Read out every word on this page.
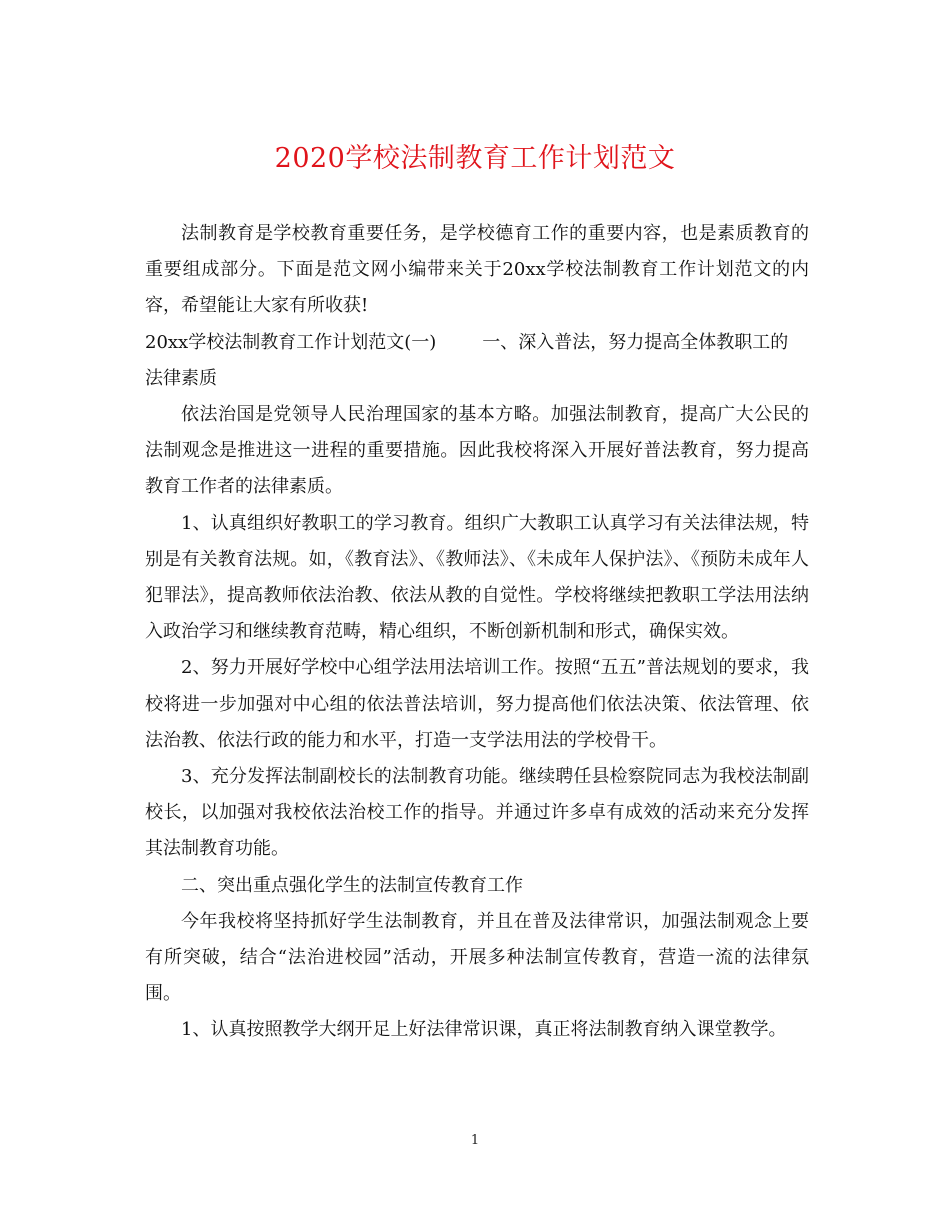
2020学校法制教育工作计划范文

法制教育是学校教育重要任务，是学校德育工作的重要内容，也是素质教育的重要组成部分。下面是范文网小编带来关于20xx学校法制教育工作计划范文的内容，希望能让大家有所收获!

20xx学校法制教育工作计划范文(一)	一、深入普法，努力提高全体教职工的

法律素质

依法治国是党领导人民治理国家的基本方略。加强法制教育，提高广大公民的法制观念是推进这一进程的重要措施。因此我校将深入开展好普法教育，努力提高教育工作者的法律素质。

1、认真组织好教职工的学习教育。组织广大教职工认真学习有关法律法规，特别是有关教育法规。如，《教育法》、《教师法》、《未成年人保护法》、《预防未成年人犯罪法》，提高教师依法治教、依法从教的自觉性。学校将继续把教职工学法用法纳入政治学习和继续教育范畴，精心组织，不断创新机制和形式，确保实效。

2、努力开展好学校中心组学法用法培训工作。按照“五五”普法规划的要求，我校将进一步加强对中心组的依法普法培训，努力提高他们依法决策、依法管理、依法治教、依法行政的能力和水平，打造一支学法用法的学校骨干。

3、充分发挥法制副校长的法制教育功能。继续聘任县检察院同志为我校法制副校长，以加强对我校依法治校工作的指导。并通过许多卓有成效的活动来充分发挥其法制教育功能。

二、突出重点强化学生的法制宣传教育工作

今年我校将坚持抓好学生法制教育，并且在普及法律常识，加强法制观念上要有所突破，结合“法治进校园”活动，开展多种法制宣传教育，营造一流的法律氛围。

1、认真按照教学大纲开足上好法律常识课，真正将法制教育纳入课堂教学。

1
